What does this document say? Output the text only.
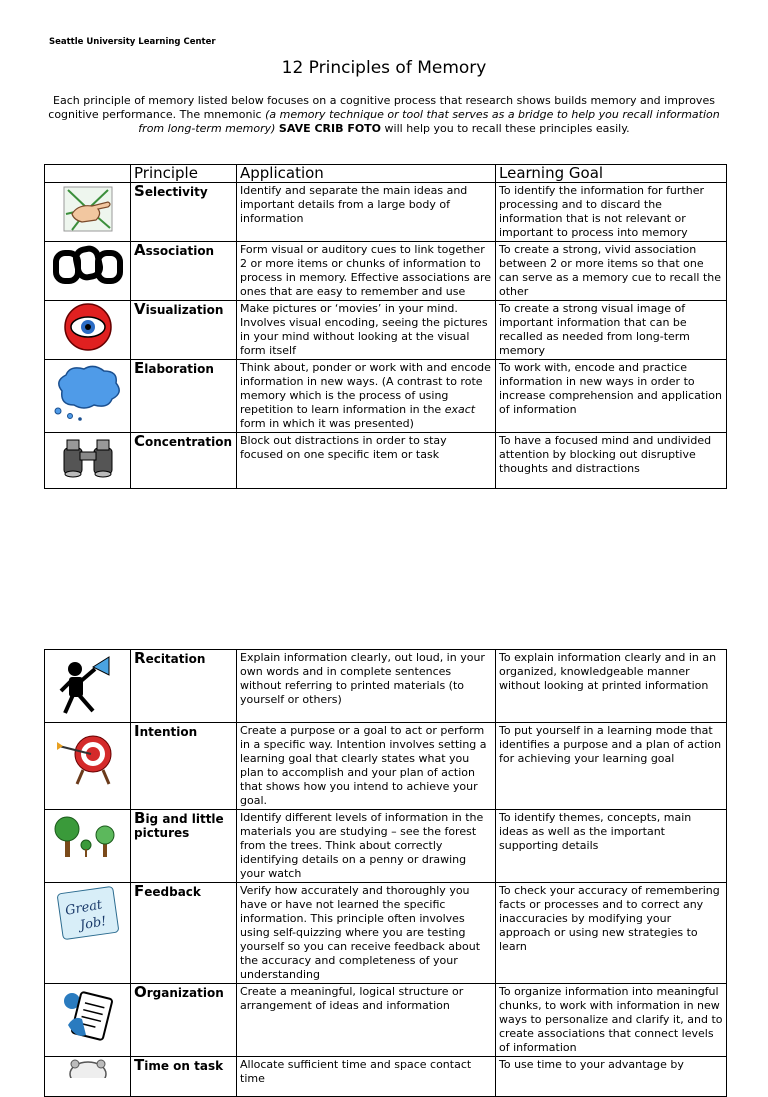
Seattle University Learning Center
12 Principles of Memory
Each principle of memory listed below focuses on a cognitive process that research shows builds memory and improves
cognitive performance. The mnemonic (a memory technique or tool that serves as a bridge to help you recall information
from long-term memory) SAVE CRIB FOTO will help you to recall these principles easily.
	Principle	Application	Learning Goal
	Selectivity	Identify and separate the main ideas and important details from a large body of information	To identify the information for further processing and to discard the information that is not relevant or important to process into memory
	Association	Form visual or auditory cues to link together 2 or more items or chunks of information to process in memory. Effective associations are ones that are easy to remember and use	To create a strong, vivid association between 2 or more items so that one can serve as a memory cue to recall the other
	Visualization	Make pictures or ‘movies’ in your mind. Involves visual encoding, seeing the pictures in your mind without looking at the visual form itself	To create a strong visual image of important information that can be recalled as needed from long-term memory
	Elaboration	Think about, ponder or work with and encode information in new ways. (A contrast to rote memory which is the process of using repetition to learn information in the exact form in which it was presented)	To work with, encode and practice information in new ways in order to increase comprehension and application of information
	Concentration	Block out distractions in order to stay focused on one specific item or task	To have a focused mind and undivided attention by blocking out disruptive thoughts and distractions
	Recitation	Explain information clearly, out loud, in your own words and in complete sentences without referring to printed materials (to yourself or others)	To explain information clearly and in an organized, knowledgeable manner without looking at printed information
	Intention	Create a purpose or a goal to act or perform in a specific way. Intention involves setting a learning goal that clearly states what you plan to accomplish and your plan of action that shows how you intend to achieve your goal.	To put yourself in a learning mode that identifies a purpose and a plan of action for achieving your learning goal
	Big and little
pictures	Identify different levels of information in the materials you are studying – see the forest from the trees. Think about correctly identifying details on a penny or drawing your watch	To identify themes, concepts, main ideas as well as the important supporting details

Great
Job!	Feedback	Verify how accurately and thoroughly you have or have not learned the specific information. This principle often involves using self-quizzing where you are testing yourself so you can receive feedback about the accuracy and completeness of your understanding	To check your accuracy of remembering facts or processes and to correct any inaccuracies by modifying your approach or using new strategies to learn
	Organization	Create a meaningful, logical structure or arrangement of ideas and information	To organize information into meaningful chunks, to work with information in new ways to personalize and clarify it, and to create associations that connect levels of information
	Time on task	Allocate sufficient time and space contact time	To use time to your advantage by
